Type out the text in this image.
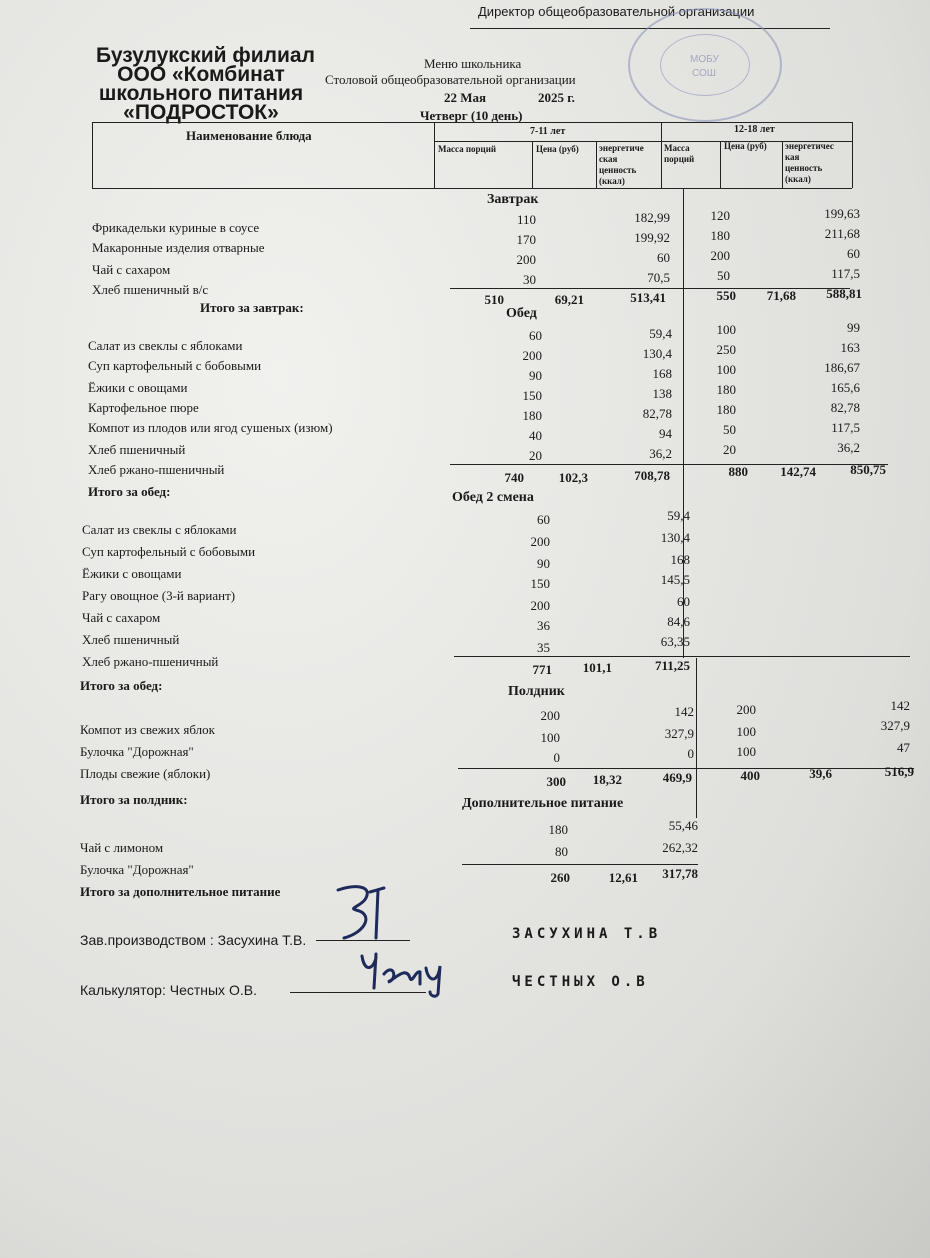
Директор общеобразовательной организации
МОБУ
СОШ
Бузулукский филиал
ООО «Комбинат
школьного питания
«ПОДРОСТОК»
Меню школьника
Столовой общеобразовательной организации
22 Мая	2025 г.
Четверг (10 день)
Наименование блюда	7-11 лет	12-18 лет
Масса порций	Цена (руб) энергетиче
ская
ценность
(ккал)
Масса
порций
Цена (руб) энергетичес
кая
ценность
(ккал)
Завтрак
Фрикадельки куриные в соусе
110	182,99	120	199,63
Макаронные изделия отварные
170	199,92	180	211,68
Чай с сахаром
200	60	200	60
Хлеб пшеничный в/с
30	70,5	50	117,5
Итого за завтрак:
510	69,21	513,41	550	71,68	588,81
Обед
Салат из свеклы с яблоками
60	59,4	100	99
Суп картофельный с бобовыми
200	130,4	250	163
Ёжики с овощами
90	168	100	186,67
Картофельное пюре
150	138	180	165,6
Компот из плодов или ягод сушеных (изюм)
180	82,78	180	82,78
Хлеб пшеничный
40	94	50	117,5
Хлеб ржано-пшеничный
20	36,2	20	36,2
Итого за обед:
740	102,3	708,78	880	142,74	850,75
Обед 2 смена
Салат из свеклы с яблоками
60	59,4
Суп картофельный с бобовыми
200	130,4
Ёжики с овощами
90	168
Рагу овощное (3-й вариант)
150	145,5
Чай с сахаром
200	60
Хлеб пшеничный
36	84,6
Хлеб ржано-пшеничный
35	63,35
Итого за обед:
771	101,1	711,25
Полдник
Компот из свежих яблок
200	142	200	142
Булочка "Дорожная"
100	327,9	100	327,9
Плоды свежие (яблоки)
0	0	100	47
Итого за полдник:
300	18,32	469,9	400	39,6	516,9
Дополнительное питание
Чай с лимоном
180	55,46
Булочка "Дорожная"
80	262,32
Итого за дополнительное питание
260	12,61	317,78
Зав.производством : Засухина Т.В.	ЗАСУХИНА Т.В
Калькулятор: Честных О.В.	ЧЕСТНЫХ О.В
